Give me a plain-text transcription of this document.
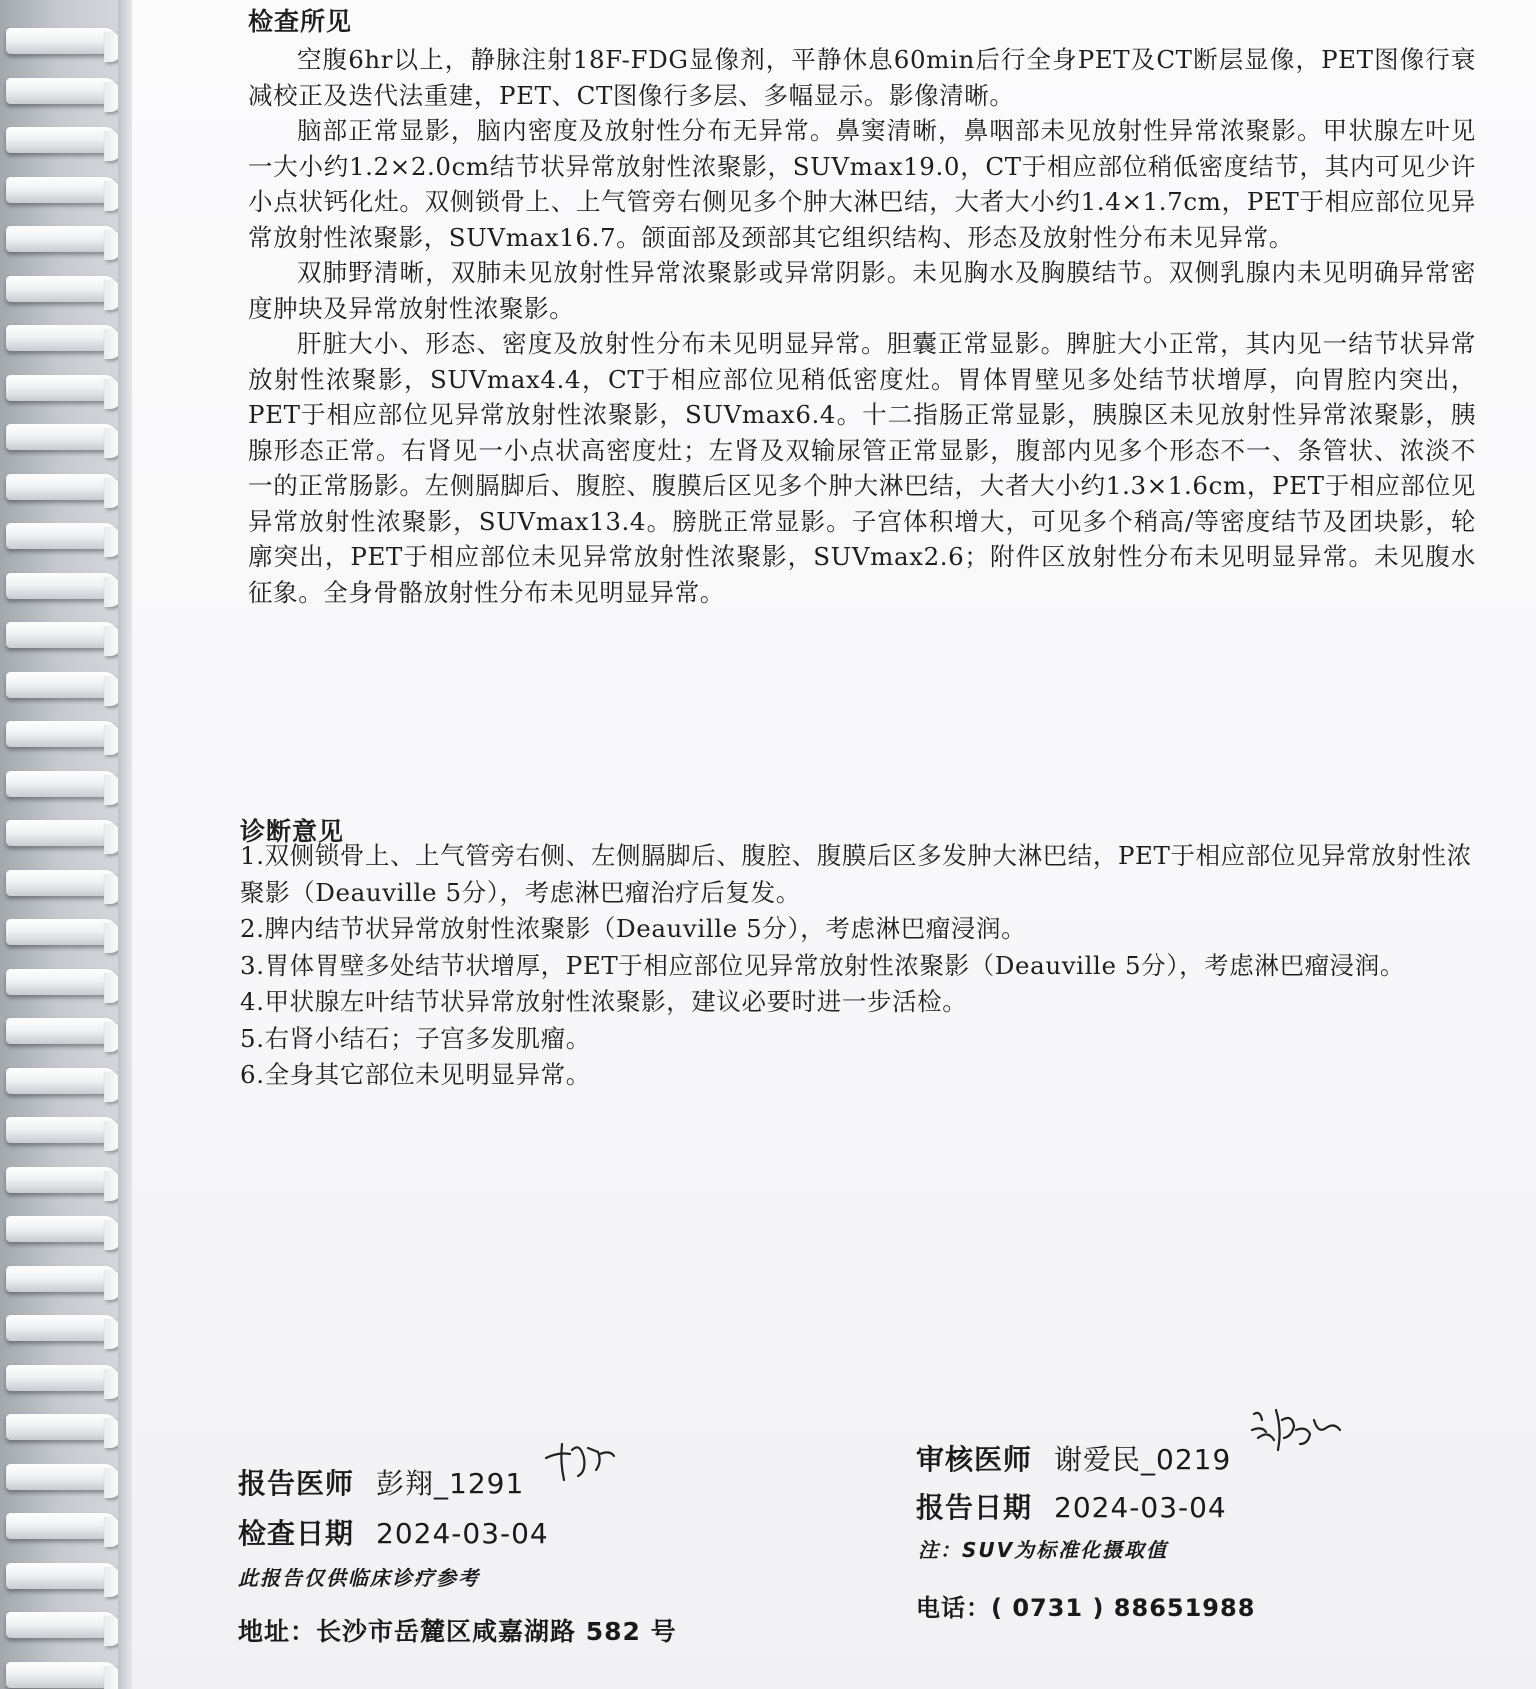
检查所见

空腹6hr以上，静脉注射18F-FDG显像剂，平静休息60min后行全身PET及CT断层显像，PET图像行衰减校正及迭代法重建，PET、CT图像行多层、多幅显示。影像清晰。

脑部正常显影，脑内密度及放射性分布无异常。鼻窦清晰，鼻咽部未见放射性异常浓聚影。甲状腺左叶见一大小约1.2×2.0cm结节状异常放射性浓聚影，SUVmax19.0，CT于相应部位稍低密度结节，其内可见少许小点状钙化灶。双侧锁骨上、上气管旁右侧见多个肿大淋巴结，大者大小约1.4×1.7cm，PET于相应部位见异常放射性浓聚影，SUVmax16.7。颌面部及颈部其它组织结构、形态及放射性分布未见异常。

双肺野清晰，双肺未见放射性异常浓聚影或异常阴影。未见胸水及胸膜结节。双侧乳腺内未见明确异常密度肿块及异常放射性浓聚影。

肝脏大小、形态、密度及放射性分布未见明显异常。胆囊正常显影。脾脏大小正常，其内见一结节状异常放射性浓聚影，SUVmax4.4，CT于相应部位见稍低密度灶。胃体胃壁见多处结节状增厚，向胃腔内突出，PET于相应部位见异常放射性浓聚影，SUVmax6.4。十二指肠正常显影，胰腺区未见放射性异常浓聚影，胰腺形态正常。右肾见一小点状高密度灶；左肾及双输尿管正常显影，腹部内见多个形态不一、条管状、浓淡不一的正常肠影。左侧膈脚后、腹腔、腹膜后区见多个肿大淋巴结，大者大小约1.3×1.6cm，PET于相应部位见异常放射性浓聚影，SUVmax13.4。膀胱正常显影。子宫体积增大，可见多个稍高/等密度结节及团块影，轮廓突出，PET于相应部位未见异常放射性浓聚影，SUVmax2.6；附件区放射性分布未见明显异常。未见腹水征象。全身骨骼放射性分布未见明显异常。

诊断意见

1.双侧锁骨上、上气管旁右侧、左侧膈脚后、腹腔、腹膜后区多发肿大淋巴结，PET于相应部位见异常放射性浓聚影（Deauville 5分），考虑淋巴瘤治疗后复发。

2.脾内结节状异常放射性浓聚影（Deauville 5分），考虑淋巴瘤浸润。

3.胃体胃壁多处结节状增厚，PET于相应部位见异常放射性浓聚影（Deauville 5分），考虑淋巴瘤浸润。

4.甲状腺左叶结节状异常放射性浓聚影，建议必要时进一步活检。

5.右肾小结石；子宫多发肌瘤。

6.全身其它部位未见明显异常。

报告医师 彭翔_1291
检查日期 2024-03-04
此报告仅供临床诊疗参考
地址：长沙市岳麓区咸嘉湖路 582 号
审核医师 谢爱民_0219
报告日期 2024-03-04
注：SUV为标准化摄取值
电话：( 0731 ) 88651988
